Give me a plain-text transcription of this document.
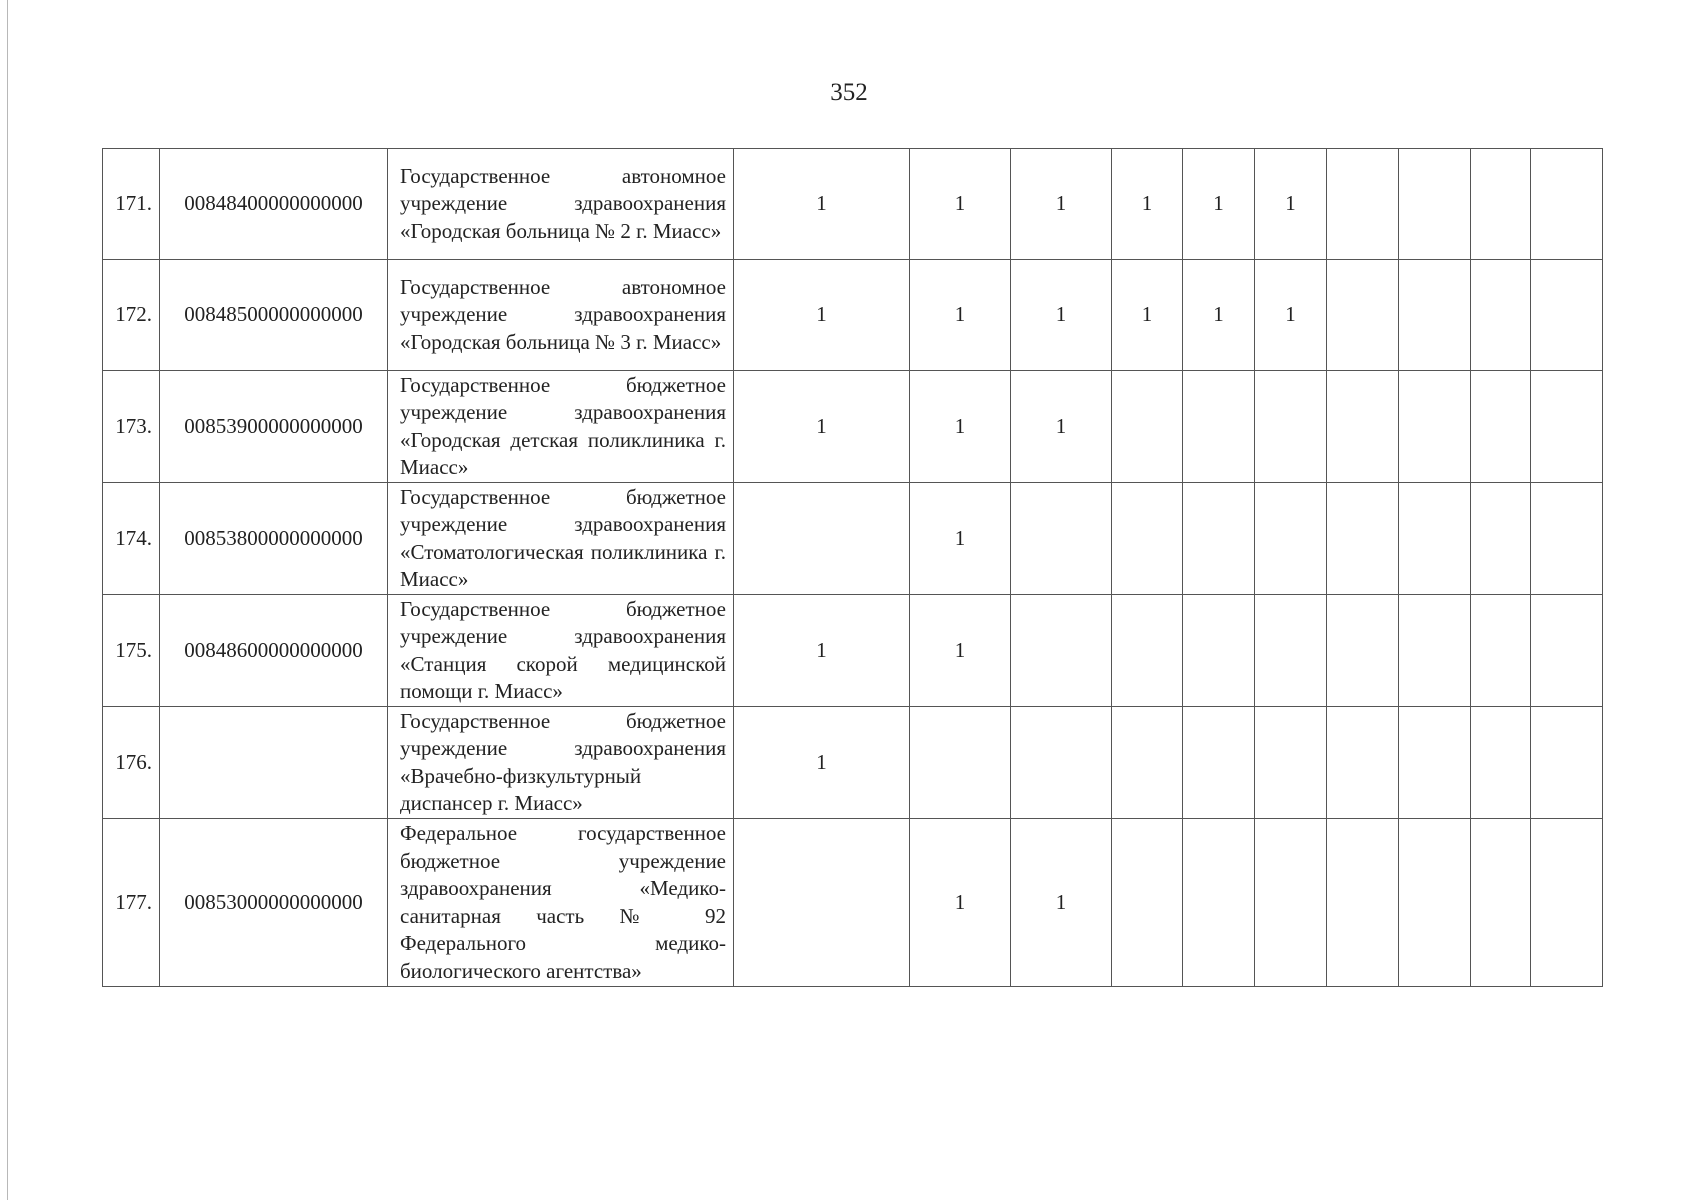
352
171.	00848400000000000	Государственное автономное учреждение здравоохранения «Городская больница № 2 г. Миасс»	1	1	1	1	1	1				
172.	00848500000000000	Государственное автономное учреждение здравоохранения «Городская больница № 3 г. Миасс»	1	1	1	1	1	1				
173.	00853900000000000	Государственное бюджетное учреждение здравоохранения «Городская детская поликлиника г. Миасс»	1	1	1							
174.	00853800000000000	Государственное бюджетное учреждение здравоохранения «Стоматологическая поликлиника г. Миасс»		1								
175.	00848600000000000	Государственное бюджетное учреждение здравоохранения «Станция скорой медицинской помощи г. Миасс»	1	1								
176.		Государственное бюджетное учреждение здравоохранения «Врачебно-физкультурный диспансер г. Миасс»	1									
177.	00853000000000000	Федеральное государственное бюджетное учреждение здравоохранения «Медико-санитарная часть № 92 Федерального медико-биологического агентства»		1	1							
